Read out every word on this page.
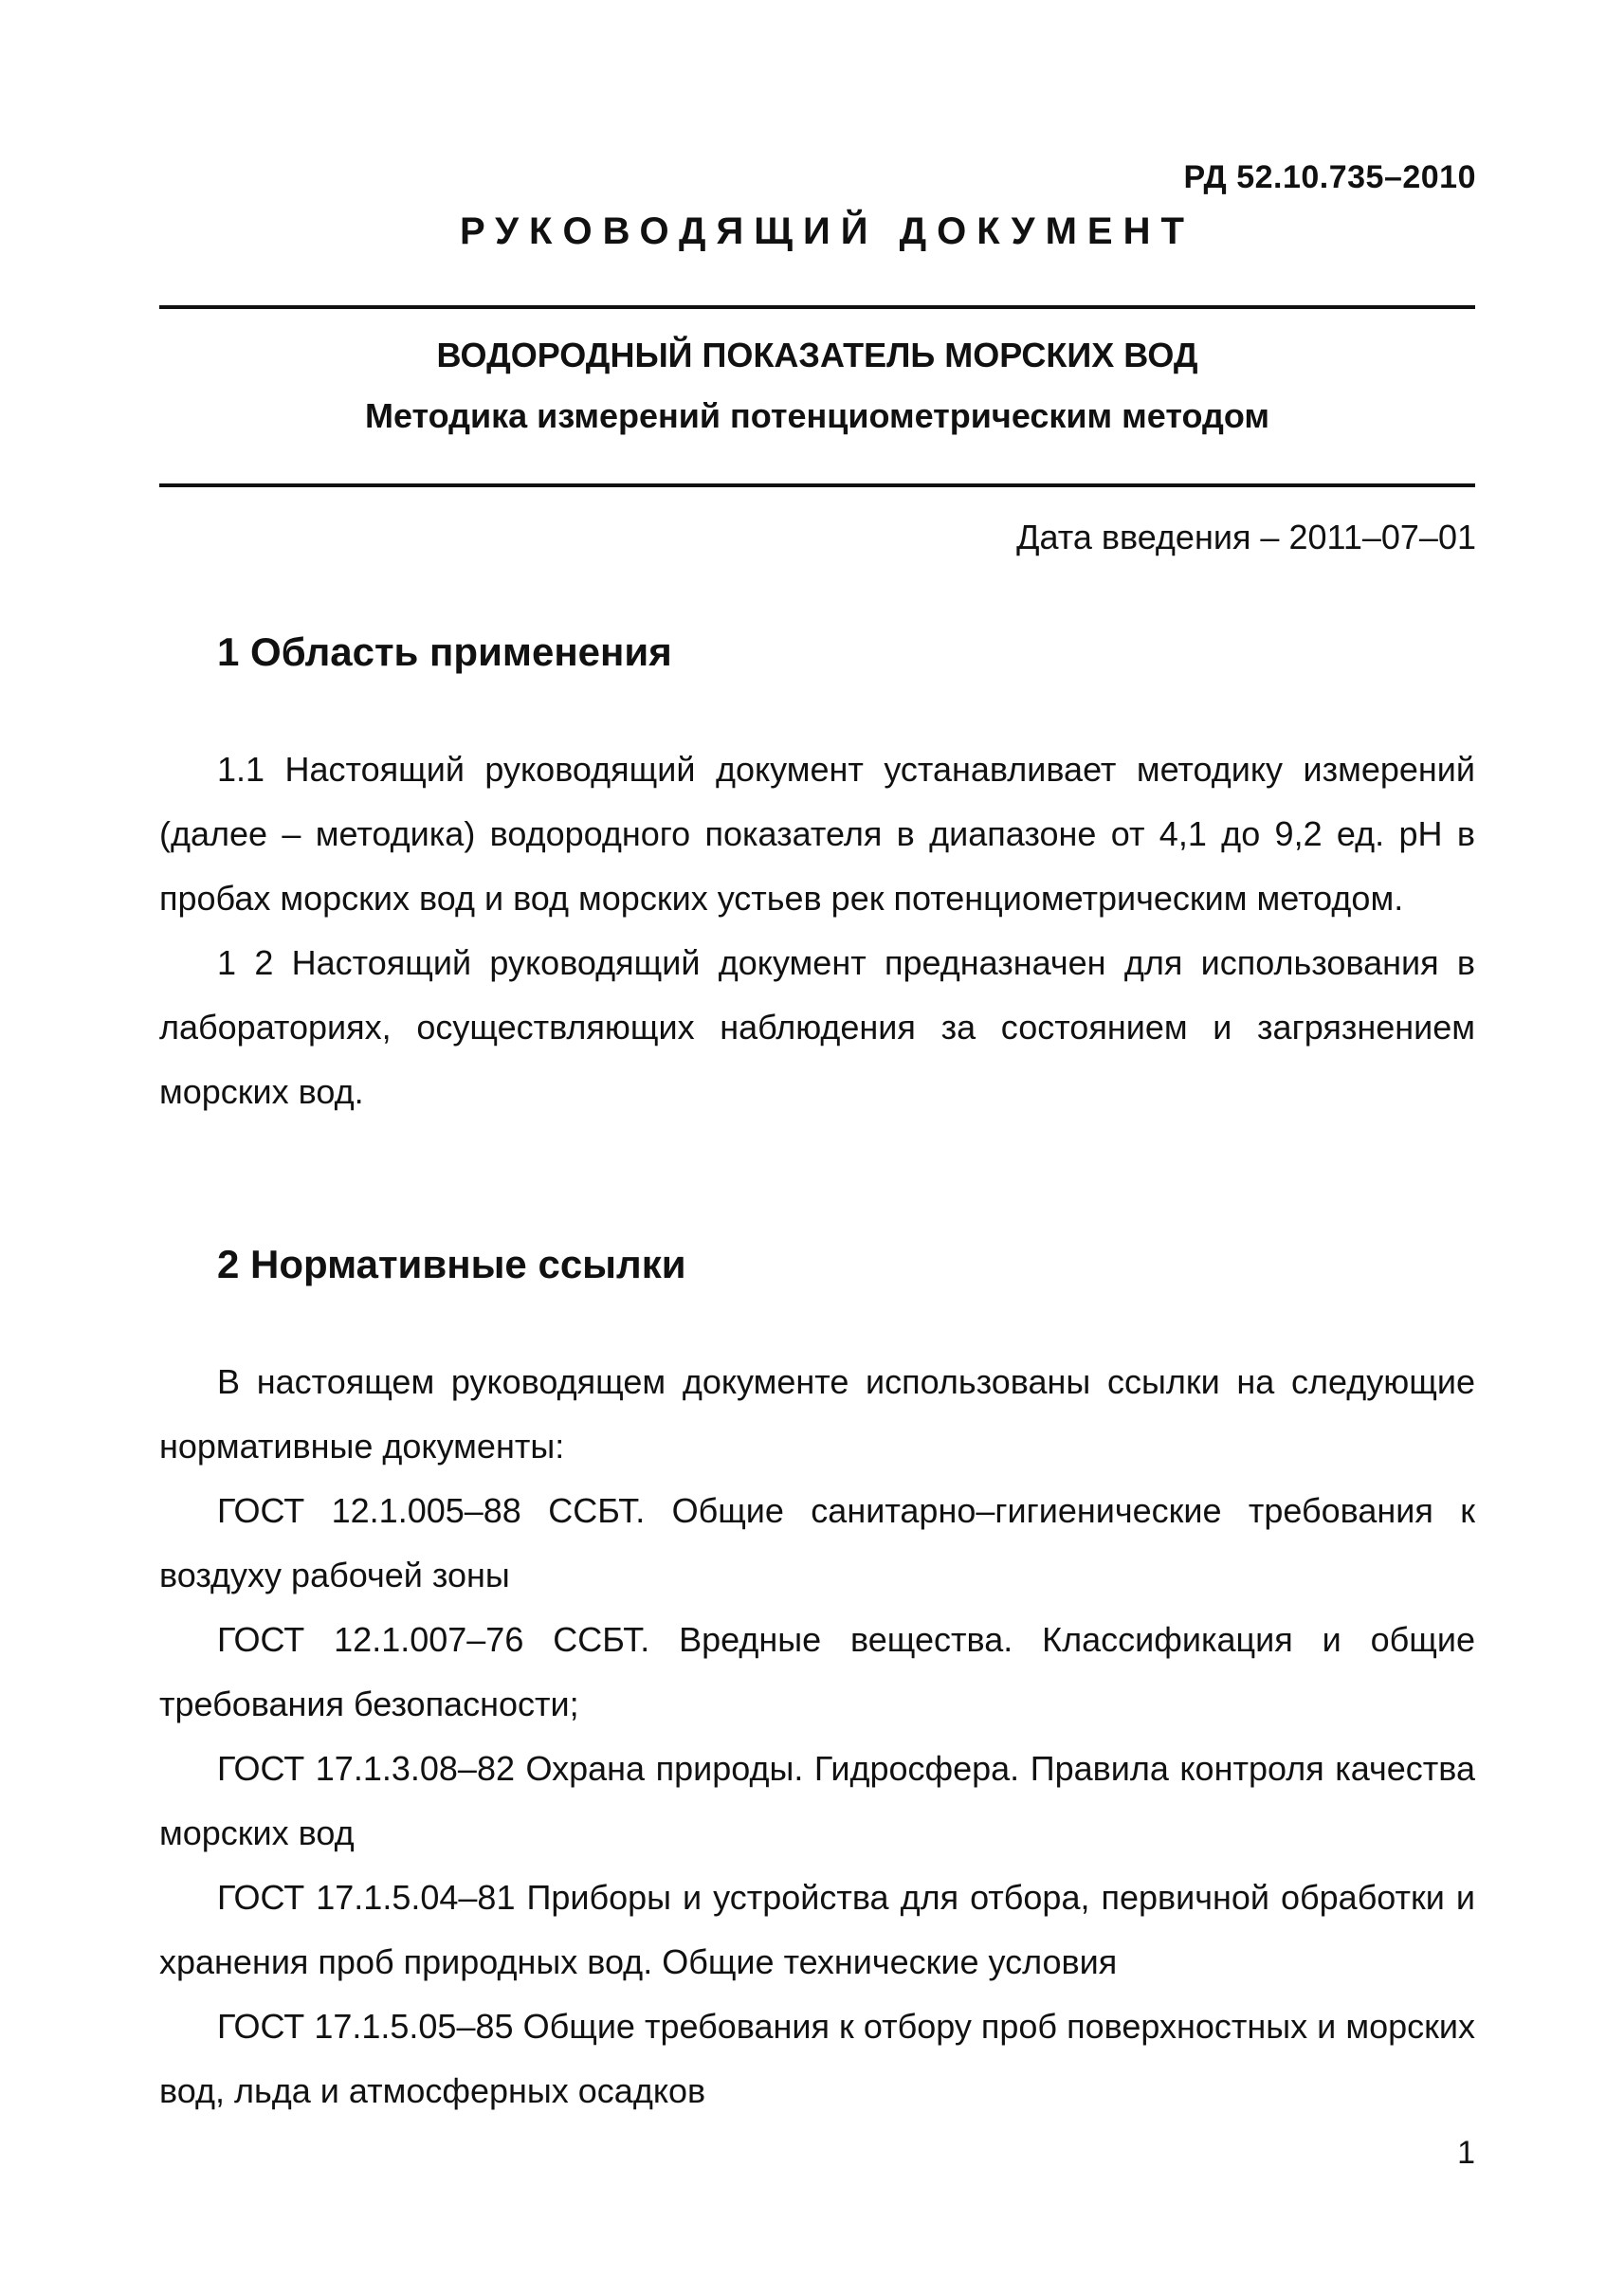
РД 52.10.735–2010
РУКОВОДЯЩИЙ ДОКУМЕНТ
ВОДОРОДНЫЙ ПОКАЗАТЕЛЬ МОРСКИХ ВОД
Методика измерений потенциометрическим методом
Дата введения – 2011–07–01
1 Область применения

1.1 Настоящий руководящий документ устанавливает методику измерений (далее – методика) водородного показателя в диапазоне от 4,1 до 9,2 ед. pH в пробах морских вод и вод морских устьев рек потенциометрическим методом.

1 2 Настоящий руководящий документ предназначен для использования в лабораториях, осуществляющих наблюдения за состоянием и загрязнением морских вод.

2 Нормативные ссылки

В настоящем руководящем документе использованы ссылки на следующие нормативные документы:

ГОСТ 12.1.005–88 ССБТ. Общие санитарно–гигиенические требования к воздуху рабочей зоны

ГОСТ 12.1.007–76 ССБТ. Вредные вещества. Классификация и общие требования безопасности;

ГОСТ 17.1.3.08–82 Охрана природы. Гидросфера. Правила контроля качества морских вод

ГОСТ 17.1.5.04–81 Приборы и устройства для отбора, первичной обработки и хранения проб природных вод. Общие технические условия

ГОСТ 17.1.5.05–85 Общие требования к отбору проб поверхностных и морских вод, льда и атмосферных осадков

1
